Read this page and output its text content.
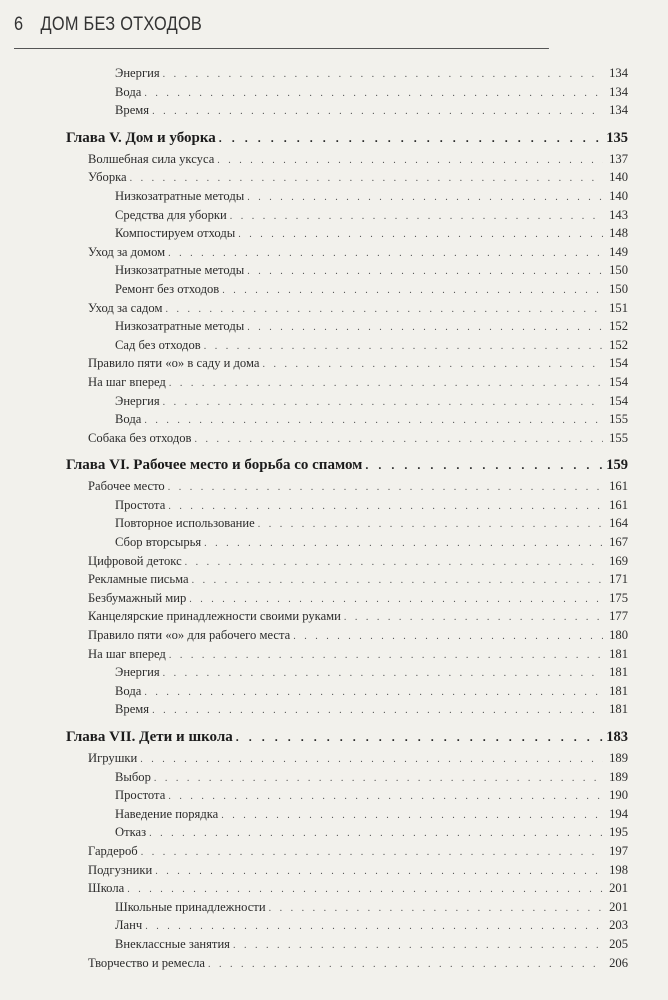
6 ДОМ БЕЗ ОТХОДОВ
Энергия . . .	134
Вода . . .	134
Время . . .	134
Глава V. Дом и уборка . . .	135
Волшебная сила уксуса . . .	137
Уборка . . .	140
Низкозатратные методы . . .	140
Средства для уборки . . .	143
Компостируем отходы . . .	148
Уход за домом . . .	149
Низкозатратные методы . . .	150
Ремонт без отходов . . .	150
Уход за садом . . .	151
Низкозатратные методы . . .	152
Сад без отходов . . .	152
Правило пяти «о» в саду и дома . . .	154
На шаг вперед . . .	154
Энергия . . .	154
Вода . . .	155
Собака без отходов . . .	155
Глава VI. Рабочее место и борьба со спамом . . .	159
Рабочее место . . .	161
Простота . . .	161
Повторное использование . . .	164
Сбор вторсырья . . .	167
Цифровой детокс . . .	169
Рекламные письма . . .	171
Безбумажный мир . . .	175
Канцелярские принадлежности своими руками . . .	177
Правило пяти «о» для рабочего места . . .	180
На шаг вперед . . .	181
Энергия . . .	181
Вода . . .	181
Время . . .	181
Глава VII. Дети и школа . . .	183
Игрушки . . .	189
Выбор . . .	189
Простота . . .	190
Наведение порядка . . .	194
Отказ . . .	195
Гардероб . . .	197
Подгузники . . .	198
Школа . . .	201
Школьные принадлежности . . .	201
Ланч . . .	203
Внеклассные занятия . . .	205
Творчество и ремесла . . .	206
